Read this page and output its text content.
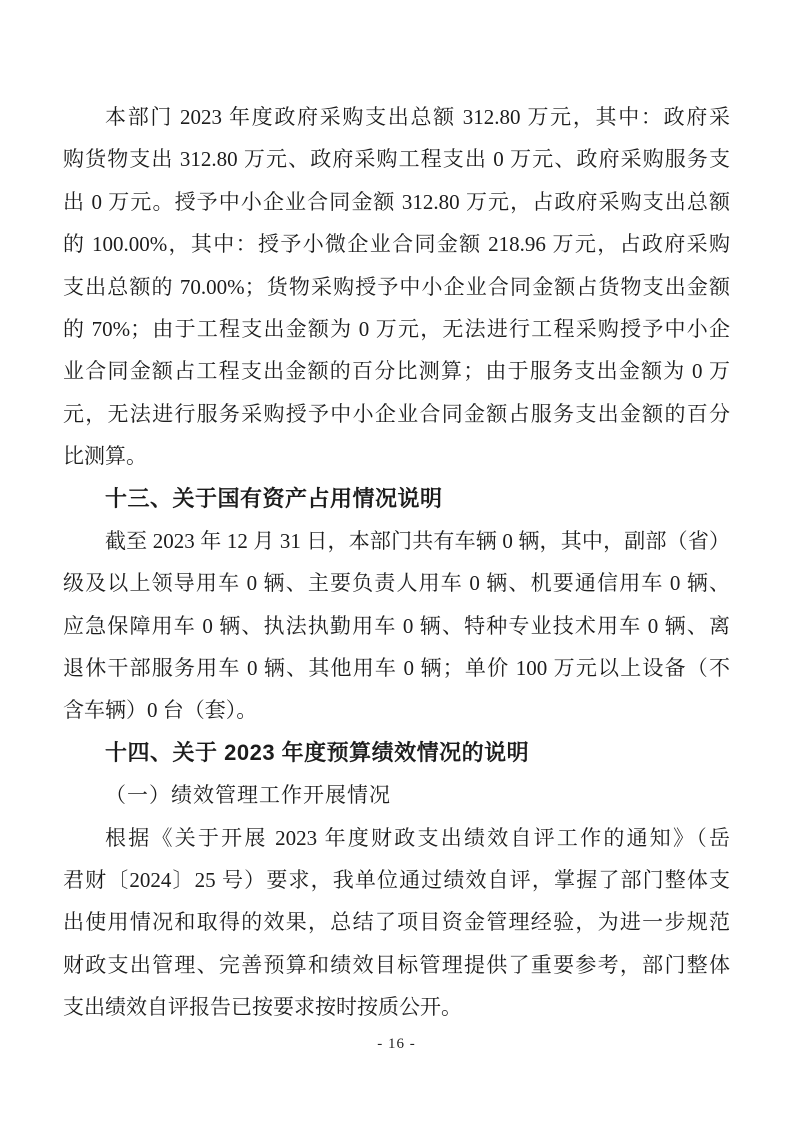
本部门 2023 年度政府采购支出总额 312.80 万元，其中：政府采
购货物支出 312.80 万元、政府采购工程支出 0 万元、政府采购服务支
出 0 万元。授予中小企业合同金额 312.80 万元，占政府采购支出总额
的 100.00%，其中：授予小微企业合同金额 218.96 万元，占政府采购
支出总额的 70.00%；货物采购授予中小企业合同金额占货物支出金额
的 70%；由于工程支出金额为 0 万元，无法进行工程采购授予中小企
业合同金额占工程支出金额的百分比测算；由于服务支出金额为 0 万
元，无法进行服务采购授予中小企业合同金额占服务支出金额的百分
比测算。
十三、关于国有资产占用情况说明
截至 2023 年 12 月 31 日，本部门共有车辆 0 辆，其中，副部（省）
级及以上领导用车 0 辆、主要负责人用车 0 辆、机要通信用车 0 辆、
应急保障用车 0 辆、执法执勤用车 0 辆、特种专业技术用车 0 辆、离
退休干部服务用车 0 辆、其他用车 0 辆；单价 100 万元以上设备（不
含车辆）0 台（套）。
十四、关于 2023 年度预算绩效情况的说明
（一）绩效管理工作开展情况
根据《关于开展 2023 年度财政支出绩效自评工作的通知》（岳
君财〔2024〕25 号）要求，我单位通过绩效自评，掌握了部门整体支
出使用情况和取得的效果，总结了项目资金管理经验，为进一步规范
财政支出管理、完善预算和绩效目标管理提供了重要参考，部门整体
支出绩效自评报告已按要求按时按质公开。
- 16 -
